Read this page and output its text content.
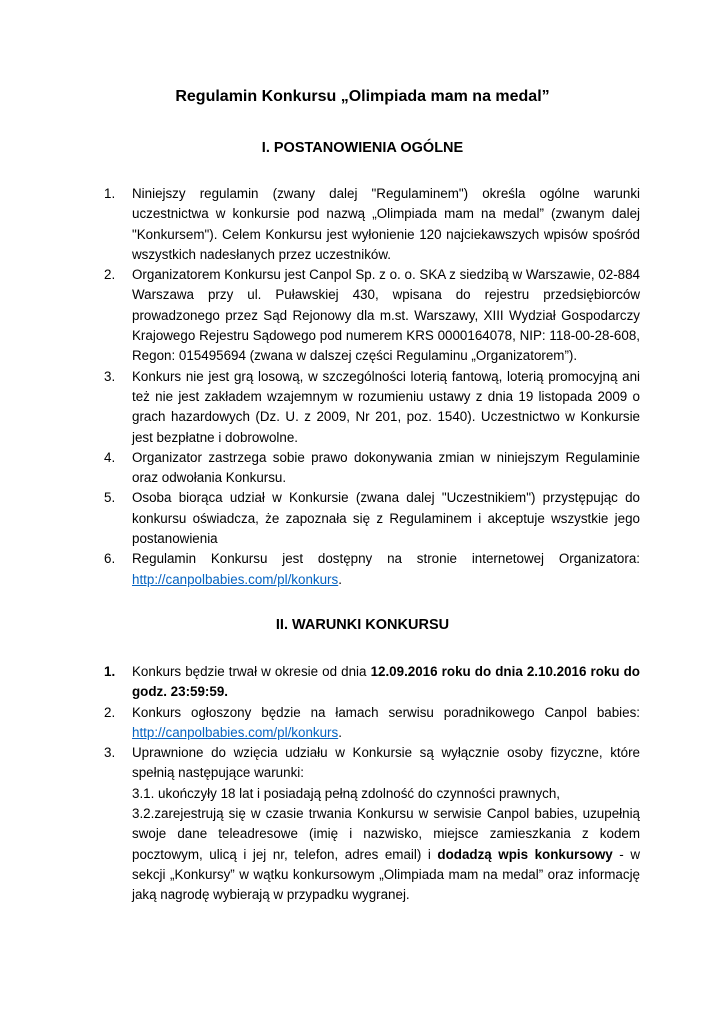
Regulamin Konkursu „Olimpiada mam na medal”
I. POSTANOWIENIA OGÓLNE
1. Niniejszy regulamin (zwany dalej "Regulaminem") określa ogólne warunki uczestnictwa w konkursie pod nazwą „Olimpiada mam na medal” (zwanym dalej "Konkursem"). Celem Konkursu jest wyłonienie 120 najciekawszych wpisów spośród wszystkich nadesłanych przez uczestników.
2. Organizatorem Konkursu jest Canpol Sp. z o. o. SKA z siedzibą w Warszawie, 02-884 Warszawa przy ul. Puławskiej 430, wpisana do rejestru przedsiębiorców prowadzonego przez Sąd Rejonowy dla m.st. Warszawy, XIII Wydział Gospodarczy Krajowego Rejestru Sądowego pod numerem KRS 0000164078, NIP: 118-00-28-608, Regon: 015495694 (zwana w dalszej części Regulaminu „Organizatorem”).
3. Konkurs nie jest grą losową, w szczególności loterią fantową, loterią promocyjną ani też nie jest zakładem wzajemnym w rozumieniu ustawy z dnia 19 listopada 2009 o grach hazardowych (Dz. U. z 2009, Nr 201, poz. 1540). Uczestnictwo w Konkursie jest bezpłatne i dobrowolne.
4. Organizator zastrzega sobie prawo dokonywania zmian w niniejszym Regulaminie oraz odwołania Konkursu.
5. Osoba biorąca udział w Konkursie (zwana dalej "Uczestnikiem") przystępując do konkursu oświadcza, że zapoznała się z Regulaminem i akceptuje wszystkie jego postanowienia
6. Regulamin Konkursu jest dostępny na stronie internetowej Organizatora: http://canpolbabies.com/pl/konkurs.
II. WARUNKI KONKURSU
1. Konkurs będzie trwał w okresie od dnia 12.09.2016 roku do dnia 2.10.2016 roku do godz. 23:59:59.
2. Konkurs ogłoszony będzie na łamach serwisu poradnikowego Canpol babies: http://canpolbabies.com/pl/konkurs.
3. Uprawnione do wzięcia udziału w Konkursie są wyłącznie osoby fizyczne, które spełnią następujące warunki:
3.1. ukończyły 18 lat i posiadają pełną zdolność do czynności prawnych,
3.2.zarejestrują się w czasie trwania Konkursu w serwisie Canpol babies, uzupełnią swoje dane teleadresowe (imię i nazwisko, miejsce zamieszkania z kodem pocztowym, ulicą i jej nr, telefon, adres email) i dodadzą wpis konkursowy - w sekcji „Konkursy” w wątku konkursowym „Olimpiada mam na medal” oraz informację jaką nagrodę wybierają w przypadku wygranej.
